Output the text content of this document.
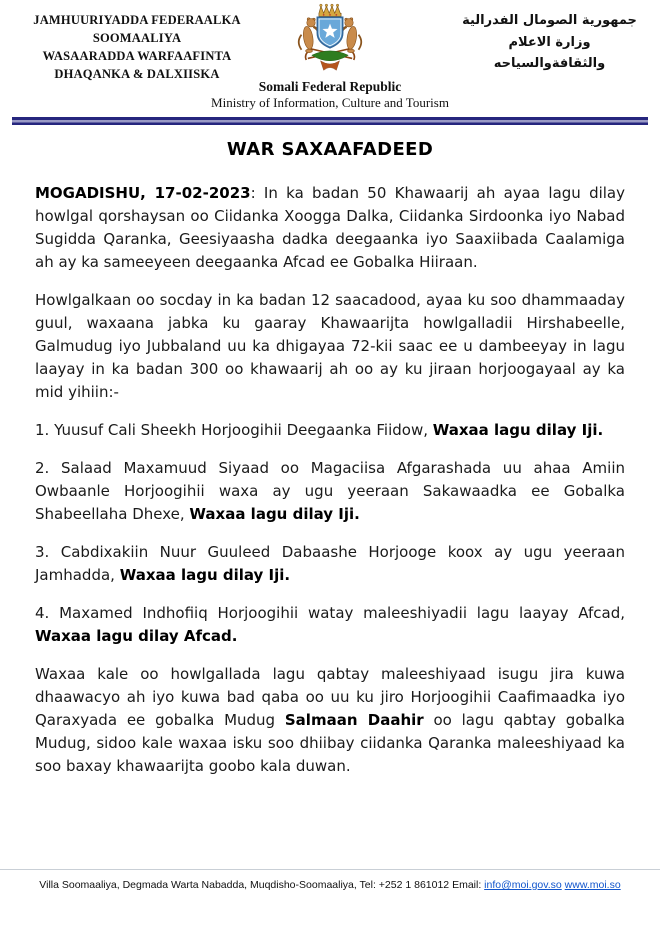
JAMHUURIYADDA FEDERAALKA
SOOMAALIYA
WASAARADDA WARFAAFINTA
DHAQANKA & DALXIISKA
جمهورية الصومال الفدرالية
وزارة الاعلام
والثقافةوالسياحه
Somali Federal Republic
Ministry of Information, Culture and Tourism
WAR SAXAAFADEED

MOGADISHU, 17-02-2023: In ka badan 50 Khawaarij ah ayaa lagu dilay howlgal qorshaysan oo Ciidanka Xoogga Dalka, Ciidanka Sirdoonka iyo Nabad Sugidda Qaranka, Geesiyaasha dadka deegaanka iyo Saaxiibada Caalamiga ah ay ka sameeyeen deegaanka Afcad ee Gobalka Hiiraan.

Howlgalkaan oo socday in ka badan 12 saacadood, ayaa ku soo dhammaaday guul, waxaana jabka ku gaaray Khawaarijta howlgalladii Hirshabeelle, Galmudug iyo Jubbaland uu ka dhigayaa 72-kii saac ee u dambeeyay in lagu laayay in ka badan 300 oo khawaarij ah oo ay ku jiraan horjoogayaal ay ka mid yihiin:-

1. Yuusuf Cali Sheekh Horjoogihii Deegaanka Fiidow, Waxaa lagu dilay Iji.

2. Salaad Maxamuud Siyaad oo Magaciisa Afgarashada uu ahaa Amiin Owbaanle Horjoogihii waxa ay ugu yeeraan Sakawaadka ee Gobalka Shabeellaha Dhexe, Waxaa lagu dilay Iji.

3. Cabdixakiin Nuur Guuleed Dabaashe Horjooge koox ay ugu yeeraan Jamhadda, Waxaa lagu dilay Iji.

4. Maxamed Indhofiiq Horjoogihii watay maleeshiyadii lagu laayay Afcad, Waxaa lagu dilay Afcad.

Waxaa kale oo howlgallada lagu qabtay maleeshiyaad isugu jira kuwa dhaawacyo ah iyo kuwa bad qaba oo uu ku jiro Horjoogihii Caafimaadka iyo Qaraxyada ee gobalka Mudug Salmaan Daahir oo lagu qabtay gobalka Mudug, sidoo kale waxaa isku soo dhiibay ciidanka Qaranka maleeshiyaad ka soo baxay khawaarijta goobo kala duwan.

Villa Soomaaliya, Degmada Warta Nabadda, Muqdisho-Soomaaliya, Tel: +252 1 861012 Email: info@moi.gov.so www.moi.so
